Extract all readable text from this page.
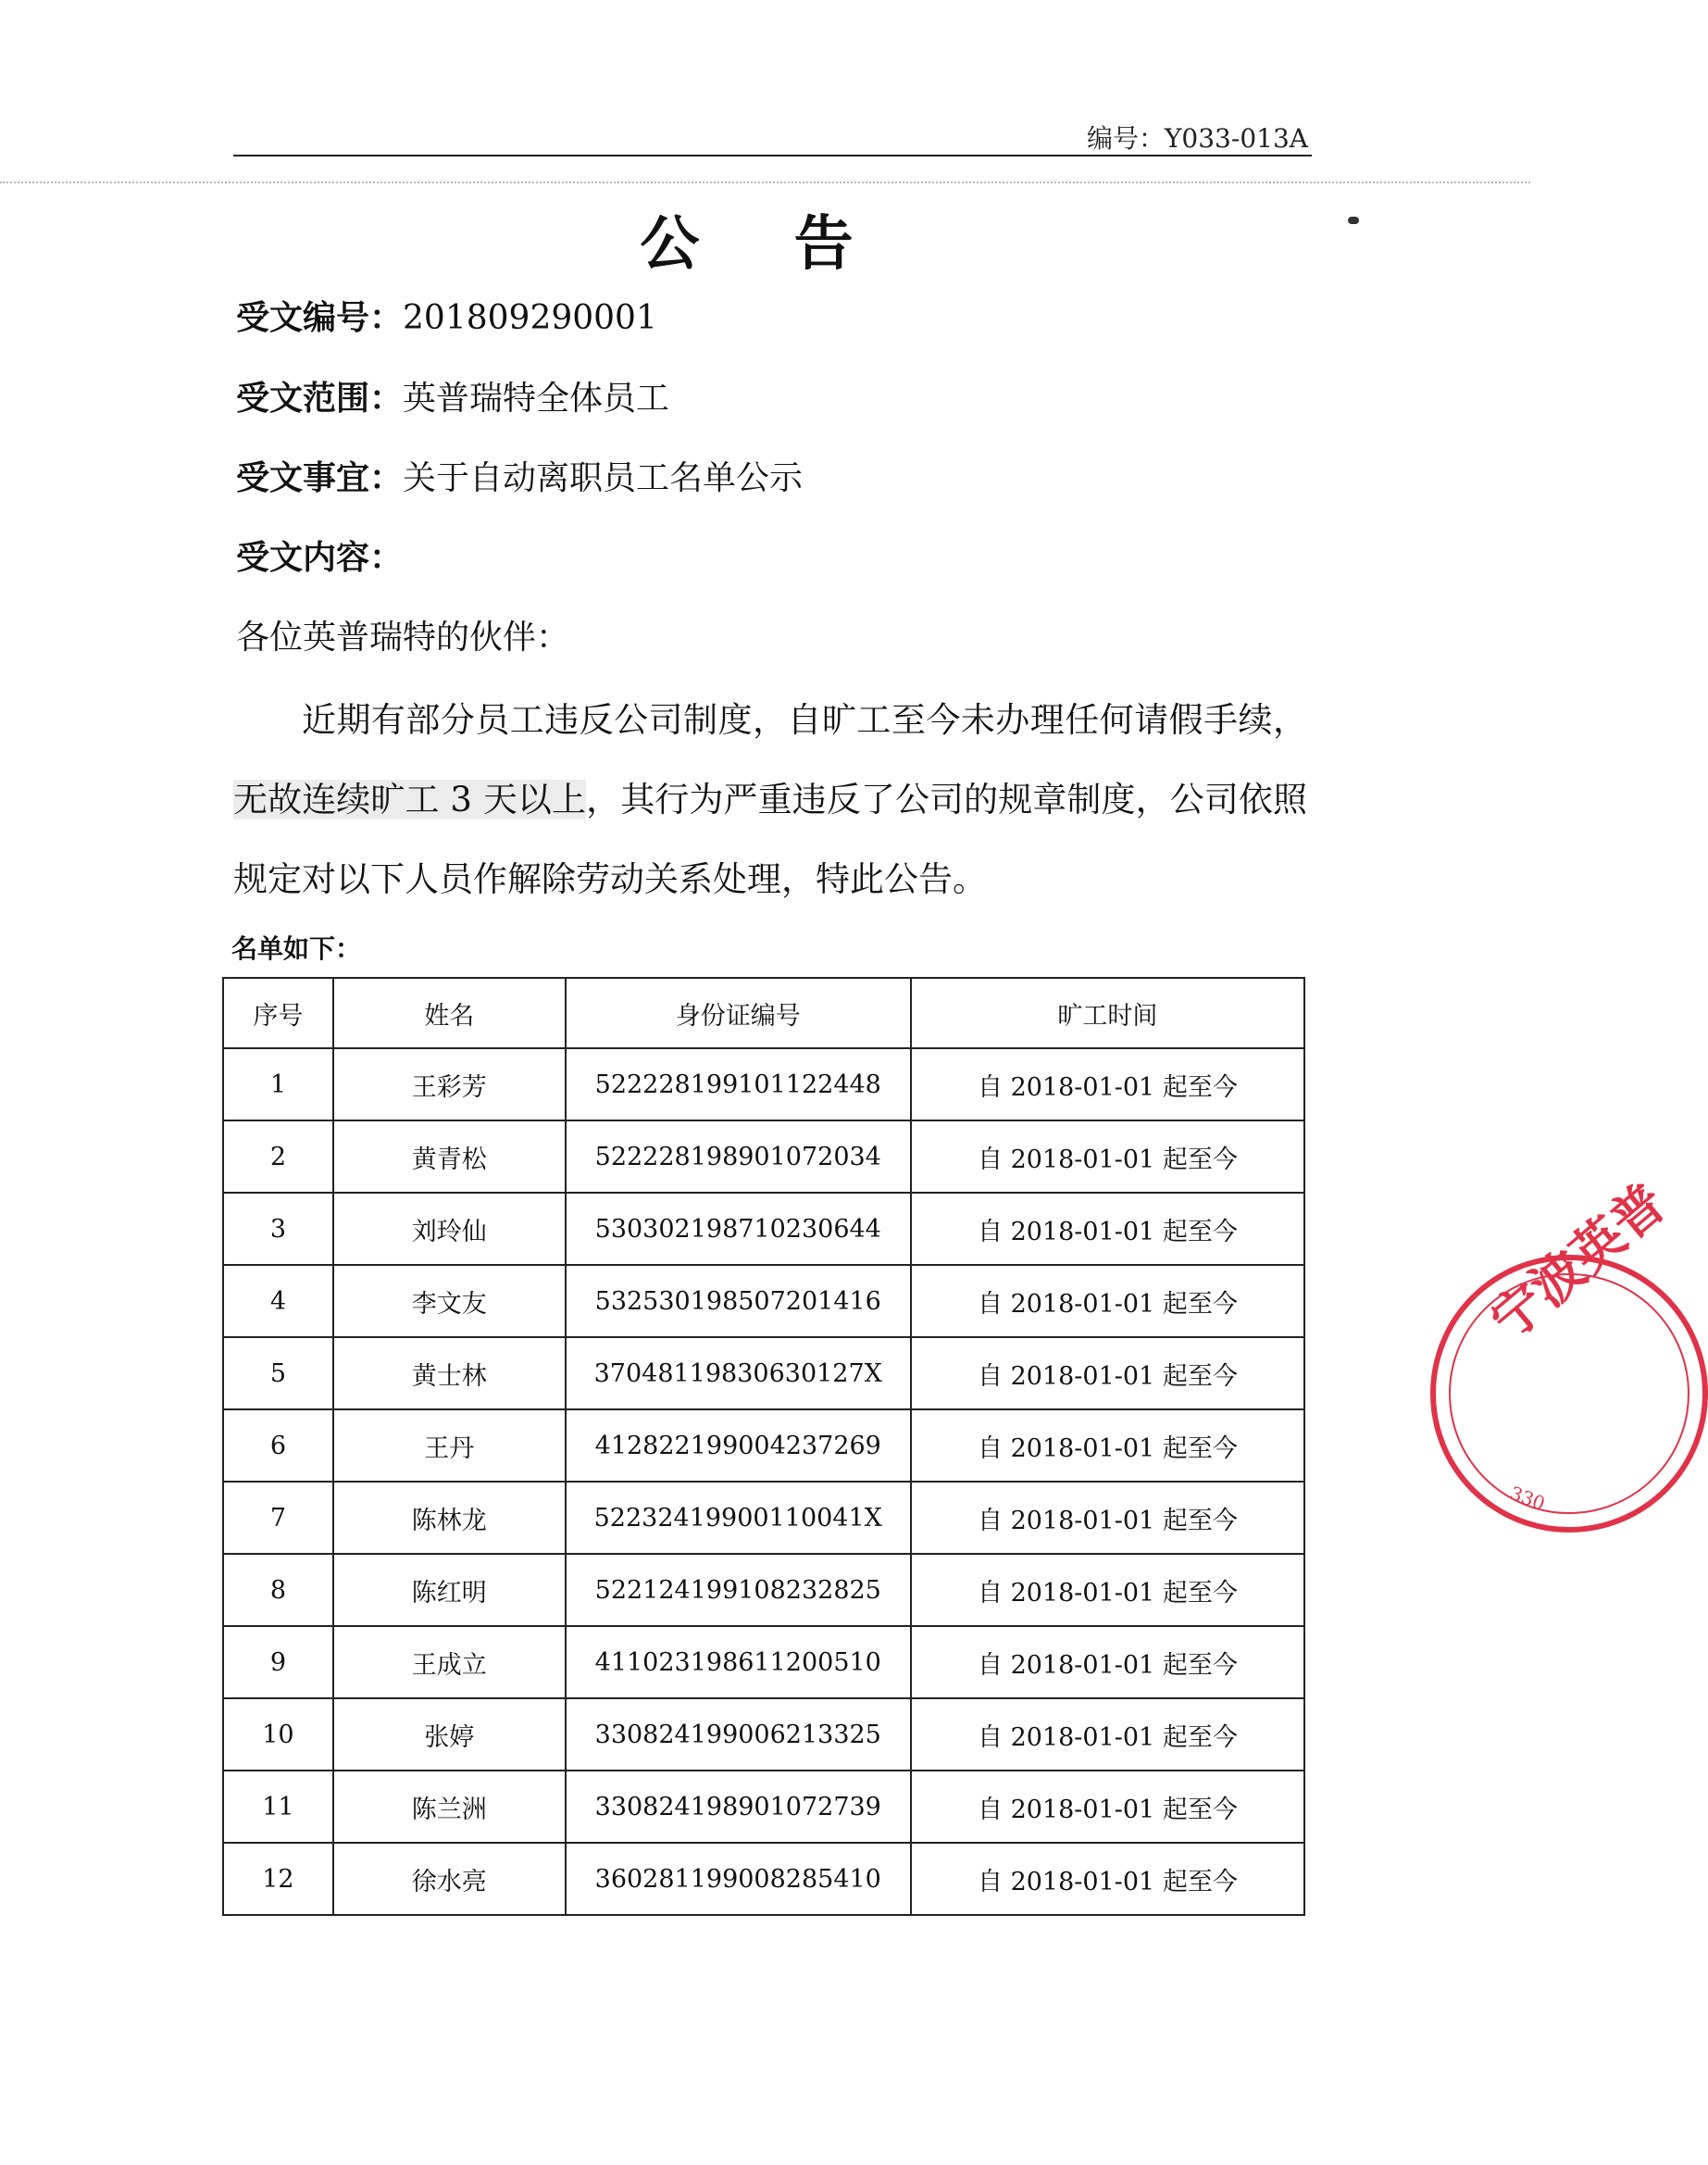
编号：Y033-013A
公 告
受文编号：201809290001
受文范围：英普瑞特全体员工
受文事宜：关于自动离职员工名单公示
受文内容：
各位英普瑞特的伙伴：

近期有部分员工违反公司制度，自旷工至今未办理任何请假手续，无故连续旷工 3 天以上，其行为严重违反了公司的规章制度，公司依照规定对以下人员作解除劳动关系处理，特此公告。

名单如下：
序号	姓名	身份证编号	旷工时间
1	王彩芳	522228199101122448	自 2018-01-01 起至今
2	黄青松	522228198901072034	自 2018-01-01 起至今
3	刘玲仙	530302198710230644	自 2018-01-01 起至今
4	李文友	532530198507201416	自 2018-01-01 起至今
5	黄士林	37048119830630127X	自 2018-01-01 起至今
6	王丹	412822199004237269	自 2018-01-01 起至今
7	陈林龙	52232419900110041X	自 2018-01-01 起至今
8	陈红明	522124199108232825	自 2018-01-01 起至今
9	王成立	411023198611200510	自 2018-01-01 起至今
10	张婷	330824199006213325	自 2018-01-01 起至今
11	陈兰洲	330824198901072739	自 2018-01-01 起至今
12	徐水亮	360281199008285410	自 2018-01-01 起至今
宁波英普
330
